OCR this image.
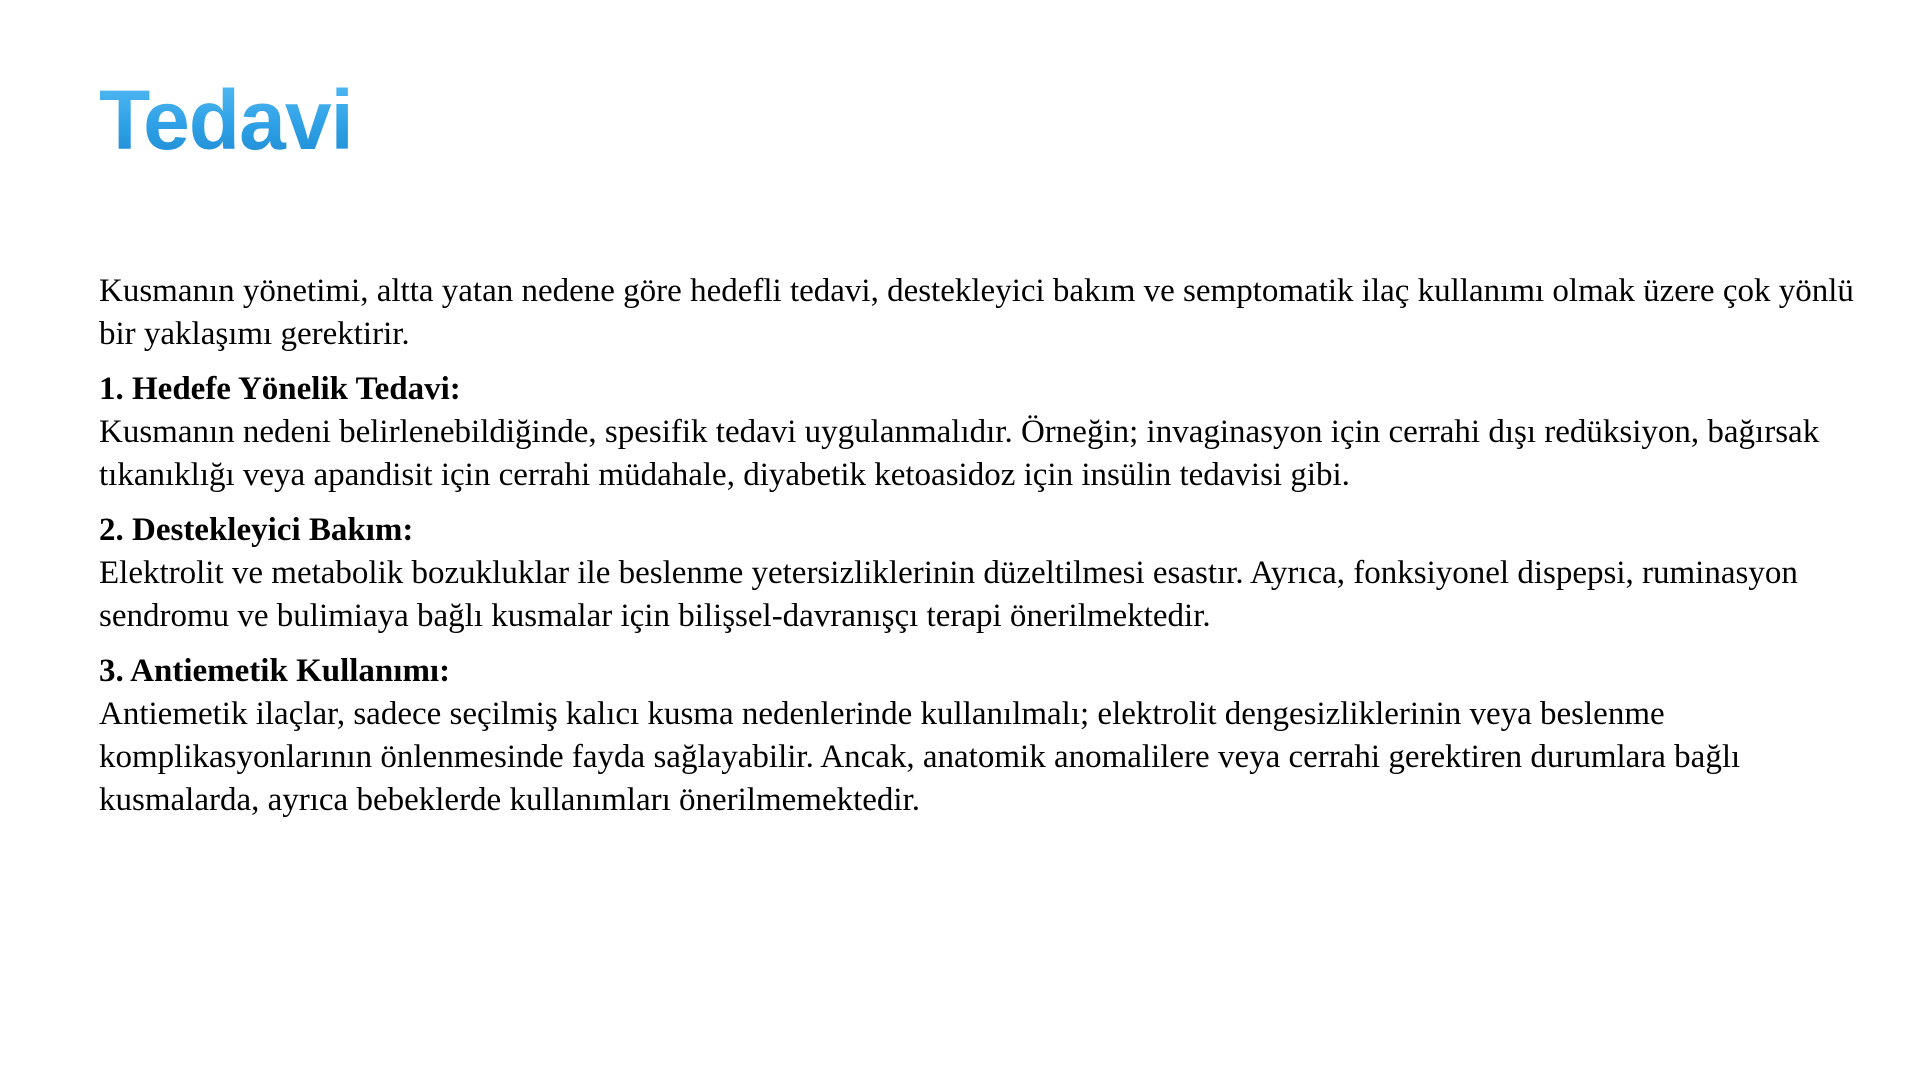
Tedavi

Kusmanın yönetimi, altta yatan nedene göre hedefli tedavi, destekleyici bakım ve semptomatik ilaç kullanımı olmak üzere çok yönlü bir yaklaşımı gerektirir.

1. Hedefe Yönelik Tedavi:

Kusmanın nedeni belirlenebildiğinde, spesifik tedavi uygulanmalıdır. Örneğin; invaginasyon için cerrahi dışı redüksiyon, bağırsak tıkanıklığı veya apandisit için cerrahi müdahale, diyabetik ketoasidoz için insülin tedavisi gibi.

2. Destekleyici Bakım:

Elektrolit ve metabolik bozukluklar ile beslenme yetersizliklerinin düzeltilmesi esastır. Ayrıca, fonksiyonel dispepsi, ruminasyon sendromu ve bulimiaya bağlı kusmalar için bilişsel-davranışçı terapi önerilmektedir.

3. Antiemetik Kullanımı:

Antiemetik ilaçlar, sadece seçilmiş kalıcı kusma nedenlerinde kullanılmalı; elektrolit dengesizliklerinin veya beslenme komplikasyonlarının önlenmesinde fayda sağlayabilir. Ancak, anatomik anomalilere veya cerrahi gerektiren durumlara bağlı kusmalarda, ayrıca bebeklerde kullanımları önerilmemektedir.
